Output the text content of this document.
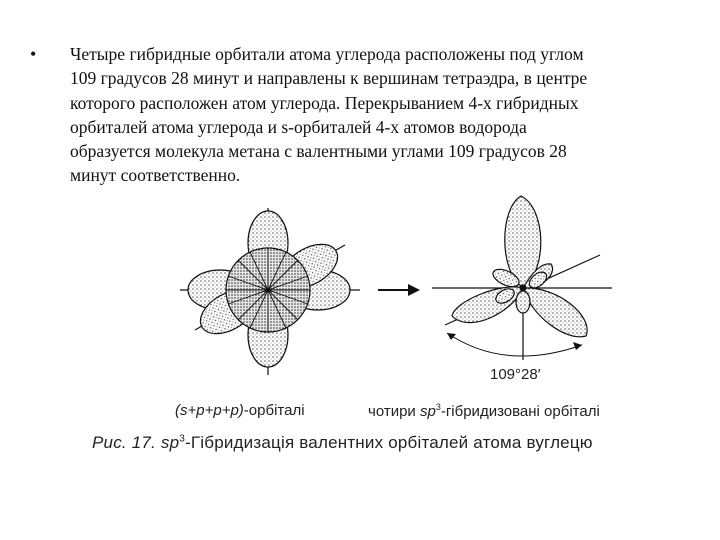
• Четыре гибридные орбитали атома углерода расположены под углом
109 градусов 28 минут и направлены к вершинам тетраэдра, в центре
которого расположен атом углерода. Перекрыванием 4-х гибридных
орбиталей атома углерода и s-орбиталей 4-х атомов водорода
образуется молекула метана с валентными углами 109 градусов 28
минут соответственно.
109°28′
(s+p+p+p)-орбіталі	чотири $sp^3$-гібридизовані орбіталі
Рис. 17. $sp^3$-Гібридизація валентних орбіталей атома вуглецю
